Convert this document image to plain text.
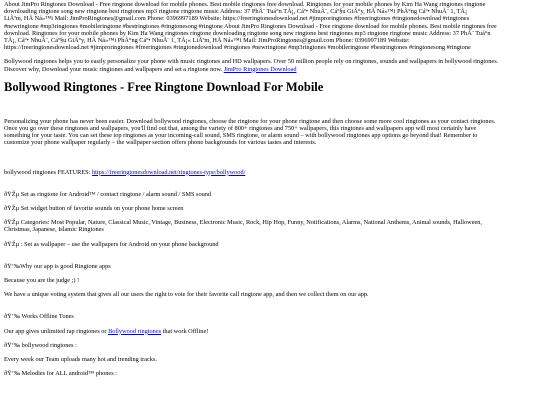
About JimPro Ringtones Download - Free ringtone download for mobile phones. Best mobile ringtones free download. Ringtones for your mobile phones by Kim Ha Wang ringtones ringtone
downloading ringtone song new ringtone best ringtones mp3 ringtone ringtone music Address: 37 PhÃ¨ Tuá°n TÃ¡, Cáº• NhuÃ¨, Cáº§u GiÃ°y, HÃ Ná»™i PhÃ°ng Cáº• NhuÃ¨ 1, TÃ¡
LiÃªm, HÃ Ná»™i Mail: JimProRingtones@gmail.com Phone: 0396997189 Website: https://freeringtonesdownload.net #jimproringtones #freeringtones #ringtonedownload #ringtones
#newringtone #mp3ringtones #mobileringtone #bestringtones #ringtonesong #ringtone About JimPro Ringtones Download - Free ringtone download for mobile phones. Best mobile ringtones free
download. Ringtones for your mobile phones by Kim Ha Wang ringtones ringtone downloading ringtone song new ringtone best ringtones mp3 ringtone ringtone music Address: 37 PhÃ¨ Tuá°n
TÃ¡, Cáº• NhuÃ¨, Cáº§u GiÃ°y, HÃ Ná»™i PhÃ°ng Cáº• NhuÃ¨ 1, TÃ¡« LiÃªm, HÃ Ná»™i Mail: JimProRingtones@gmail.com Phone: 0396997189 Website:
https://freeringtonesdownload.net #jimproringtones #freeringtones #ringtonedownload #ringtones #newringtone #mp3ringtones #mobileringtone #bestringtones #ringtonesong #ringtone
Bollywood ringtones helps you to easily personalize your phone with music ringtones and HD wallpapers. Over 50 million people rely on ringtones, sounds and wallpapers in bollywood ringtones.
Discover why, Download your music ringtones and wallpapers and set a ringtone now. JimPro Ringtones Download
Bollywood Ringtones - Free Ringtone Download For Mobile
Personalizing your phone has never been easier. Download bollywood ringtones, choose the ringtone for your phone ringtone and then choose some more cool ringtones as your contact ringtones.
Once you go over these ringtones and wallpapers, you'll find out that, among the variety of 800+ ringtones and 750+ wallpapers, this ringtones and wallpapers app will most certainly have
something for your taste. You can set these top ringtones as your incoming-call sound, SMS ringtone, or alarm sound – with bollywood ringtones app options go beyond that! Remember to
customize your phone wallpaper regularly – the wallpaper section offers phone backgrounds for various tastes and interests.

bollywood ringtones FEATURES: https://freeringtonesdownload.net/ringtones-type/bollywood/

ðŸŽµ Set as ringtone for Android™ / contact ringtone / alarm sound / SMS sound

ðŸŽµ Set widget button of favorite sounds on your phone home screen

ðŸŽµ Categories: Most Popular, Nature, Classical Music, Vintage, Business, Electronic Music, Rock, Hip Hop, Funny, Notifications, Alarms, National Anthems, Animal sounds, Halloween,
Christmas, Japanese, Islamic Ringtones

ðŸŽµ : Set as wallpaper – use the wallpapers for Android on your phone background

ðŸ‘‰Why our app is good Ringtone apps

Because you are the judge ;) !

We have a unique voting system that gives all our users the right to vote for their favorite call ringtone app, and then we collect them on our app.

ðŸ‘‰ Works Offline Tones

Our app gives unlimited rap ringtones or Bollywood ringtones that work Offline!

ðŸ‘‰ bollywood ringtones :

Every week our Team uploads many hot and trending tracks.

ðŸ‘‰ Melodies for ALL android™ phones :
